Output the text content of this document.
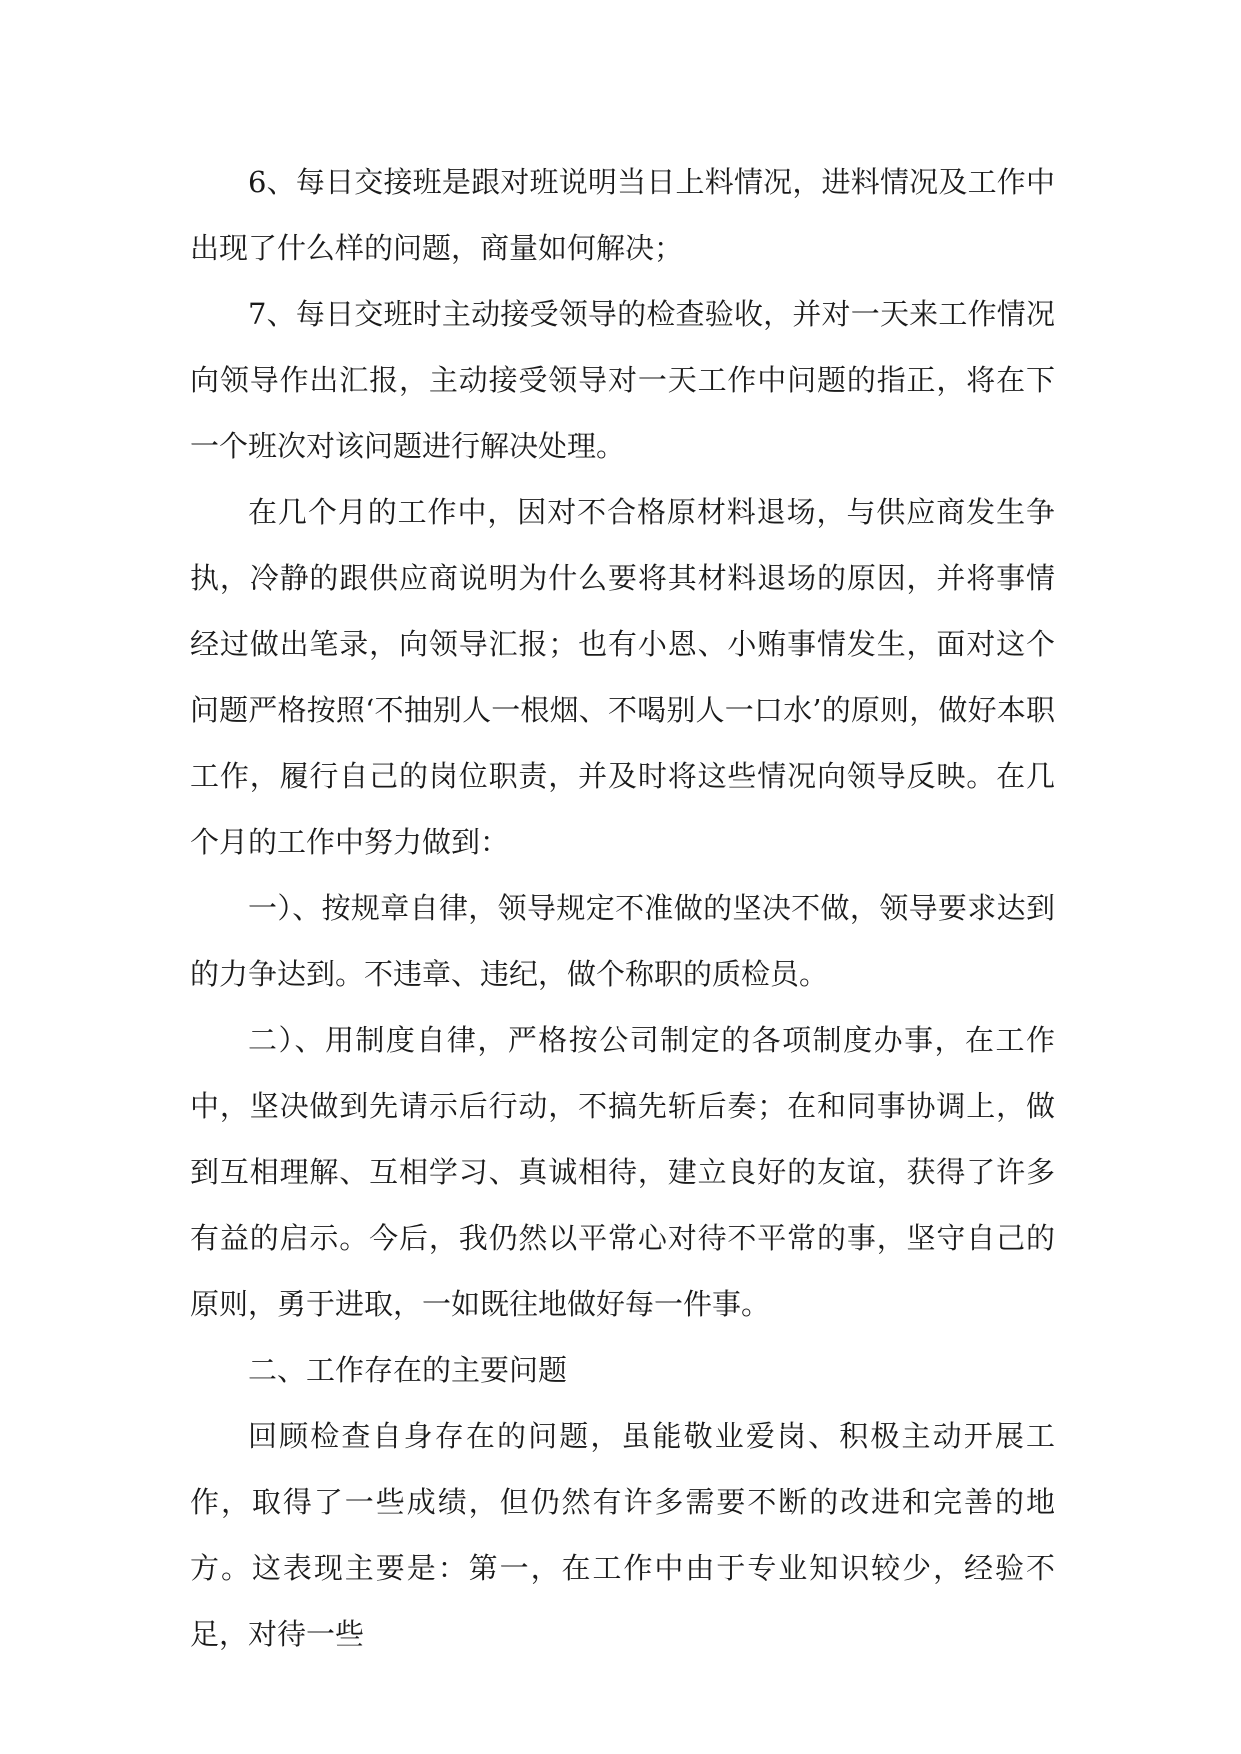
6、每日交接班是跟对班说明当日上料情况，进料情况及工作中出现了什么样的问题，商量如何解决；

7、每日交班时主动接受领导的检查验收，并对一天来工作情况向领导作出汇报，主动接受领导对一天工作中问题的指正，将在下一个班次对该问题进行解决处理。

在几个月的工作中，因对不合格原材料退场，与供应商发生争执，冷静的跟供应商说明为什么要将其材料退场的原因，并将事情经过做出笔录，向领导汇报；也有小恩、小贿事情发生，面对这个问题严格按照‘不抽别人一根烟、不喝别人一口水’的原则，做好本职工作，履行自己的岗位职责，并及时将这些情况向领导反映。在几个月的工作中努力做到：

一）、按规章自律，领导规定不准做的坚决不做，领导要求达到的力争达到。不违章、违纪，做个称职的质检员。

二）、用制度自律，严格按公司制定的各项制度办事，在工作中，坚决做到先请示后行动，不搞先斩后奏；在和同事协调上，做到互相理解、互相学习、真诚相待，建立良好的友谊，获得了许多有益的启示。今后，我仍然以平常心对待不平常的事，坚守自己的原则，勇于进取，一如既往地做好每一件事。

二、工作存在的主要问题

回顾检查自身存在的问题，虽能敬业爱岗、积极主动开展工作，取得了一些成绩，但仍然有许多需要不断的改进和完善的地方。这表现主要是：第一，在工作中由于专业知识较少，经验不足，对待一些
